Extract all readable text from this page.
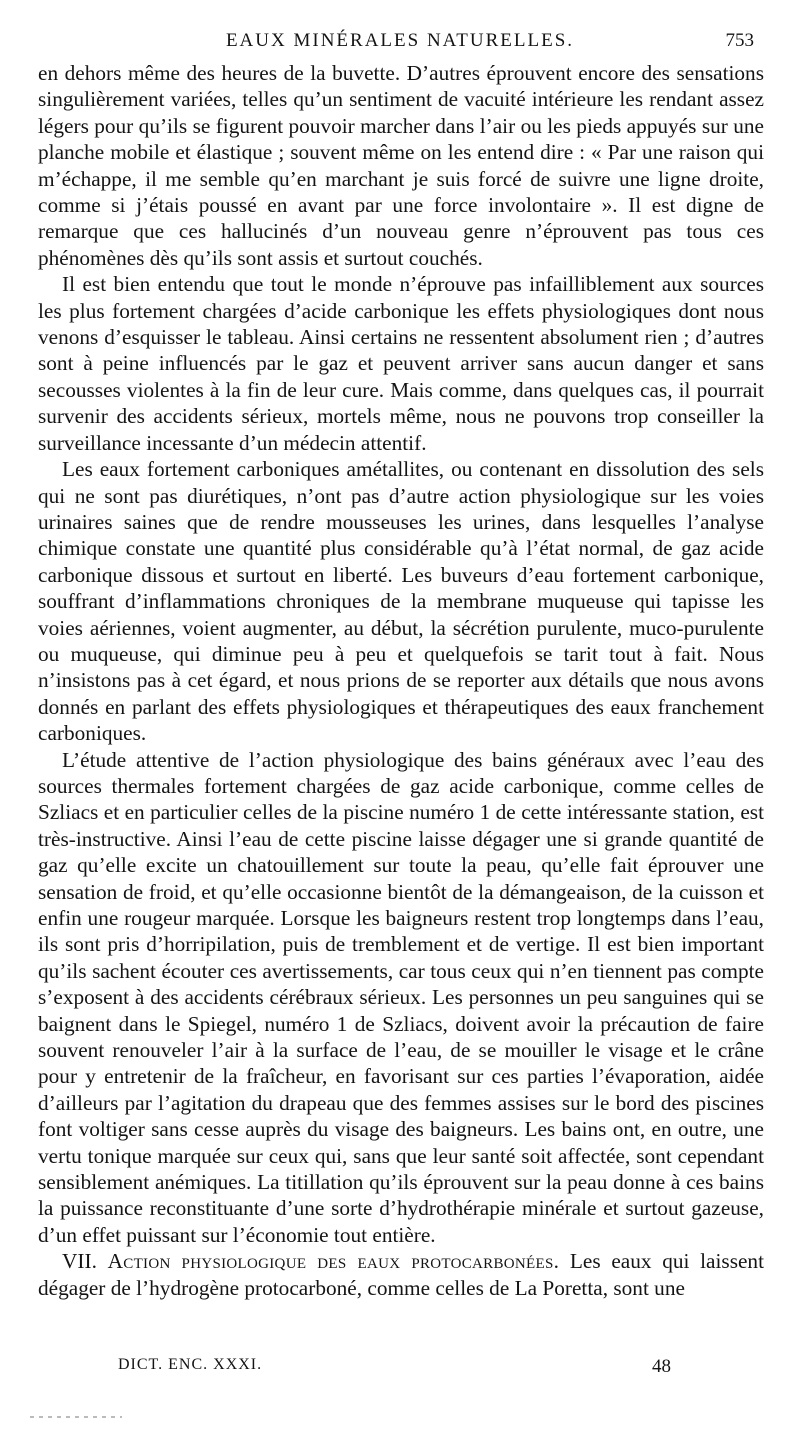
EAUX MINÉRALES NATURELLES.	753

en dehors même des heures de la buvette. D’autres éprouvent encore des sensations singulièrement variées, telles qu’un sentiment de vacuité intérieure les rendant assez légers pour qu’ils se figurent pouvoir marcher dans l’air ou les pieds appuyés sur une planche mobile et élastique ; souvent même on les entend dire : « Par une raison qui m’échappe, il me semble qu’en marchant je suis forcé de suivre une ligne droite, comme si j’étais poussé en avant par une force involontaire ». Il est digne de remarque que ces hallucinés d’un nouveau genre n’éprouvent pas tous ces phénomènes dès qu’ils sont assis et surtout couchés.

Il est bien entendu que tout le monde n’éprouve pas infailliblement aux sources les plus fortement chargées d’acide carbonique les effets physiologiques dont nous venons d’esquisser le tableau. Ainsi certains ne ressentent absolument rien ; d’autres sont à peine influencés par le gaz et peuvent arriver sans aucun danger et sans secousses violentes à la fin de leur cure. Mais comme, dans quelques cas, il pourrait survenir des accidents sérieux, mortels même, nous ne pouvons trop conseiller la surveillance incessante d’un médecin attentif.

Les eaux fortement carboniques amétallites, ou contenant en dissolution des sels qui ne sont pas diurétiques, n’ont pas d’autre action physiologique sur les voies urinaires saines que de rendre mousseuses les urines, dans lesquelles l’analyse chimique constate une quantité plus considérable qu’à l’état normal, de gaz acide carbonique dissous et surtout en liberté. Les buveurs d’eau fortement carbonique, souffrant d’inflammations chroniques de la membrane muqueuse qui tapisse les voies aériennes, voient augmenter, au début, la sécrétion purulente, muco-purulente ou muqueuse, qui diminue peu à peu et quelquefois se tarit tout à fait. Nous n’insistons pas à cet égard, et nous prions de se reporter aux détails que nous avons donnés en parlant des effets physiologiques et thérapeutiques des eaux franchement carboniques.

L’étude attentive de l’action physiologique des bains généraux avec l’eau des sources thermales fortement chargées de gaz acide carbonique, comme celles de Szliacs et en particulier celles de la piscine numéro 1 de cette intéressante station, est très-instructive. Ainsi l’eau de cette piscine laisse dégager une si grande quantité de gaz qu’elle excite un chatouillement sur toute la peau, qu’elle fait éprouver une sensation de froid, et qu’elle occasionne bientôt de la démangeaison, de la cuisson et enfin une rougeur marquée. Lorsque les baigneurs restent trop longtemps dans l’eau, ils sont pris d’horripilation, puis de tremblement et de vertige. Il est bien important qu’ils sachent écouter ces avertissements, car tous ceux qui n’en tiennent pas compte s’exposent à des accidents cérébraux sérieux. Les personnes un peu sanguines qui se baignent dans le Spiegel, numéro 1 de Szliacs, doivent avoir la précaution de faire souvent renouveler l’air à la surface de l’eau, de se mouiller le visage et le crâne pour y entretenir de la fraîcheur, en favorisant sur ces parties l’évaporation, aidée d’ailleurs par l’agitation du drapeau que des femmes assises sur le bord des piscines font voltiger sans cesse auprès du visage des baigneurs. Les bains ont, en outre, une vertu tonique marquée sur ceux qui, sans que leur santé soit affectée, sont cependant sensiblement anémiques. La titillation qu’ils éprouvent sur la peau donne à ces bains la puissance reconstituante d’une sorte d’hydrothérapie minérale et surtout gazeuse, d’un effet puissant sur l’économie tout entière.

VII. Action physiologique des eaux protocarbonées. Les eaux qui laissent dégager de l’hydrogène protocarboné, comme celles de La Poretta, sont une

DICT. ENC. XXXI.	48
